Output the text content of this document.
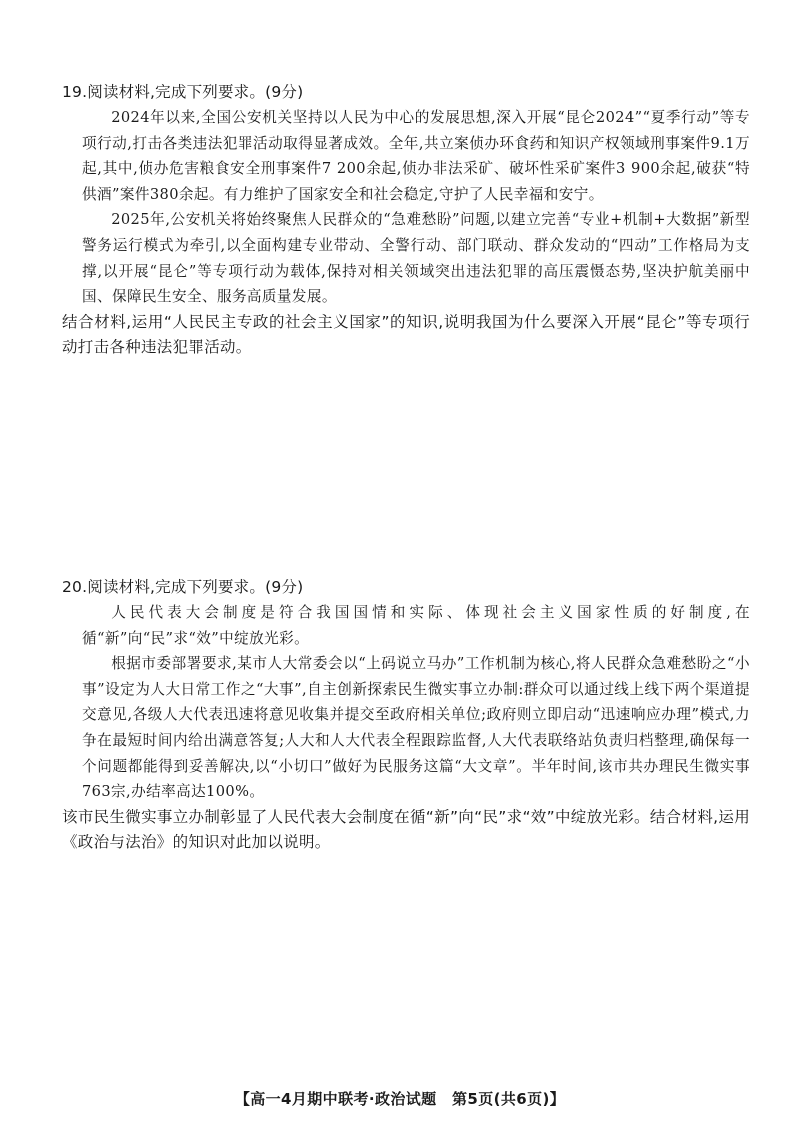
19.阅读材料,完成下列要求。(9分)

2024年以来,全国公安机关坚持以人民为中心的发展思想,深入开展“昆仑2024”“夏季行动”等专项行动,打击各类违法犯罪活动取得显著成效。全年,共立案侦办环食药和知识产权领域刑事案件9.1万起,其中,侦办危害粮食安全刑事案件7 200余起,侦办非法采矿、破坏性采矿案件3 900余起,破获“特供酒”案件380余起。有力维护了国家安全和社会稳定,守护了人民幸福和安宁。

2025年,公安机关将始终聚焦人民群众的“急难愁盼”问题,以建立完善“专业+机制+大数据”新型警务运行模式为牵引,以全面构建专业带动、全警行动、部门联动、群众发动的“四动”工作格局为支撑,以开展“昆仑”等专项行动为载体,保持对相关领域突出违法犯罪的高压震慑态势,坚决护航美丽中国、保障民生安全、服务高质量发展。

结合材料,运用“人民民主专政的社会主义国家”的知识,说明我国为什么要深入开展“昆仑”等专项行动打击各种违法犯罪活动。

20.阅读材料,完成下列要求。(9分)

人民代表大会制度是符合我国国情和实际、体现社会主义国家性质的好制度,在循“新”向“民”求“效”中绽放光彩。

根据市委部署要求,某市人大常委会以“上码说立马办”工作机制为核心,将人民群众急难愁盼之“小事”设定为人大日常工作之“大事”,自主创新探索民生微实事立办制:群众可以通过线上线下两个渠道提交意见,各级人大代表迅速将意见收集并提交至政府相关单位;政府则立即启动“迅速响应办理”模式,力争在最短时间内给出满意答复;人大和人大代表全程跟踪监督,人大代表联络站负责归档整理,确保每一个问题都能得到妥善解决,以“小切口”做好为民服务这篇“大文章”。半年时间,该市共办理民生微实事763宗,办结率高达100%。

该市民生微实事立办制彰显了人民代表大会制度在循“新”向“民”求“效”中绽放光彩。结合材料,运用《政治与法治》的知识对此加以说明。

【高一4月期中联考·政治试题　第5页(共6页)】
